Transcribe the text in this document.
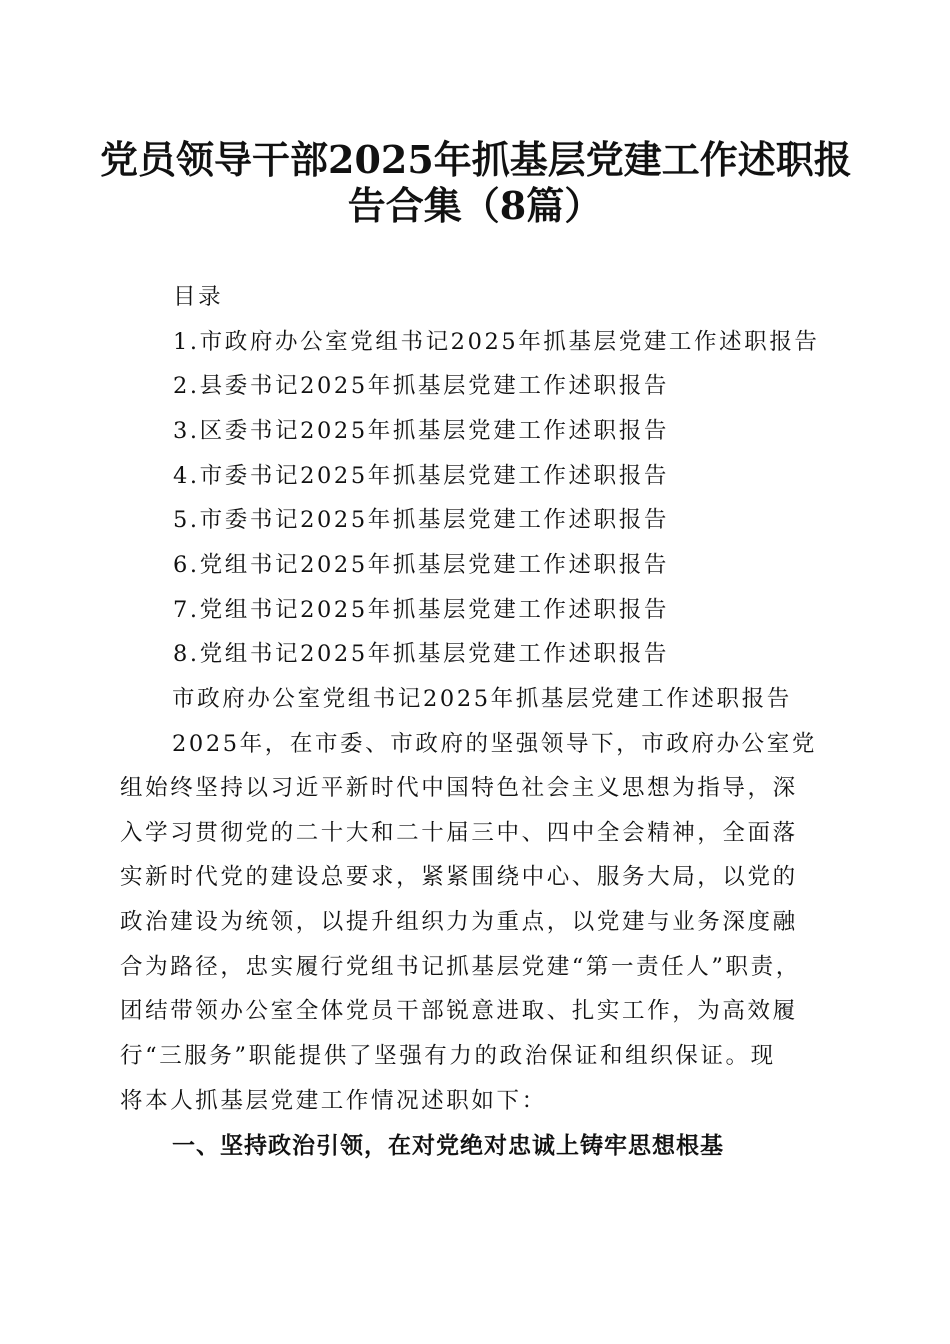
党员领导干部2025年抓基层党建工作述职报
告合集（8篇）
目录
1.市政府办公室党组书记2025年抓基层党建工作述职报告
2.县委书记2025年抓基层党建工作述职报告
3.区委书记2025年抓基层党建工作述职报告
4.市委书记2025年抓基层党建工作述职报告
5.市委书记2025年抓基层党建工作述职报告
6.党组书记2025年抓基层党建工作述职报告
7.党组书记2025年抓基层党建工作述职报告
8.党组书记2025年抓基层党建工作述职报告
市政府办公室党组书记2025年抓基层党建工作述职报告
2025年，在市委、市政府的坚强领导下，市政府办公室党
组始终坚持以习近平新时代中国特色社会主义思想为指导，深
入学习贯彻党的二十大和二十届三中、四中全会精神，全面落
实新时代党的建设总要求，紧紧围绕中心、服务大局，以党的
政治建设为统领，以提升组织力为重点，以党建与业务深度融
合为路径，忠实履行党组书记抓基层党建“第一责任人”职责，
团结带领办公室全体党员干部锐意进取、扎实工作，为高效履
行“三服务”职能提供了坚强有力的政治保证和组织保证。现
将本人抓基层党建工作情况述职如下：
一、坚持政治引领，在对党绝对忠诚上铸牢思想根基
